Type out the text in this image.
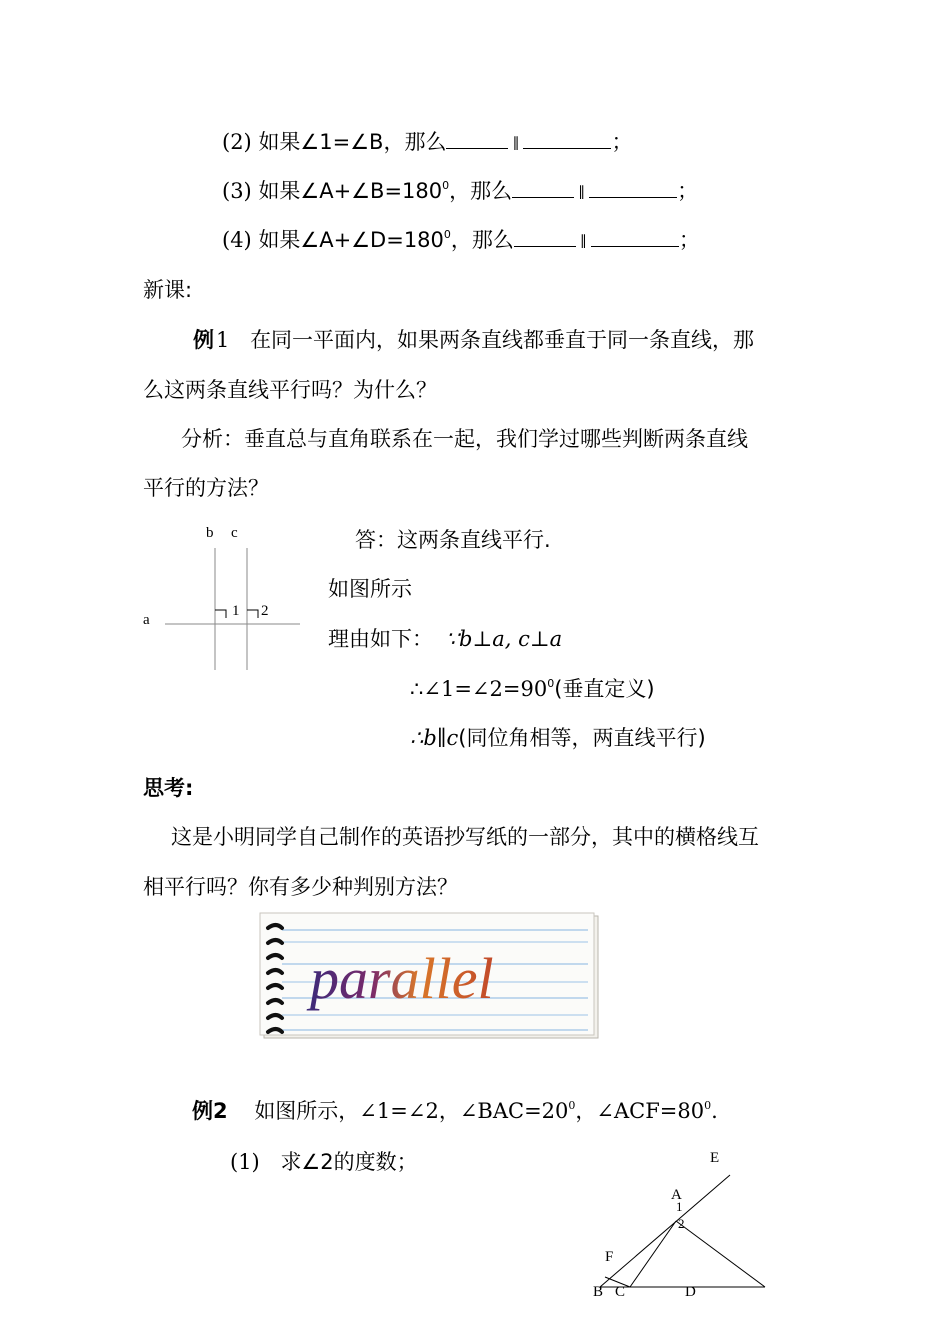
(2) 如果∠1=∠B，那么	∥	；
(3) 如果$\angle A+\angle B=180^0$，那么	∥	；
(4) 如果$\angle A+\angle D=180^0$，那么	∥	；
新课:
例1 在同一平面内，如果两条直线都垂直于同一条直线，那
么这两条直线平行吗？为什么？
分析：垂直总与直角联系在一起，我们学过哪些判断两条直线
平行的方法？
b c
a
1 2
答：这两条直线平行.
如图所示
理由如下： ∵b⊥a, c⊥a
$\therefore\angle 1=\angle 2=90^0$(垂直定义)
∴b∥c(同位角相等，两直线平行)
思考:
这是小明同学自己制作的英语抄写纸的一部分，其中的横格线互
相平行吗？你有多少种判别方法？
parallel
例2 如图所示，∠1=∠2，$\angle BAC=20^0$，$\angle ACF=80^0$.
(1) 求∠2的度数；	E
A
1
2
F
B C	D
